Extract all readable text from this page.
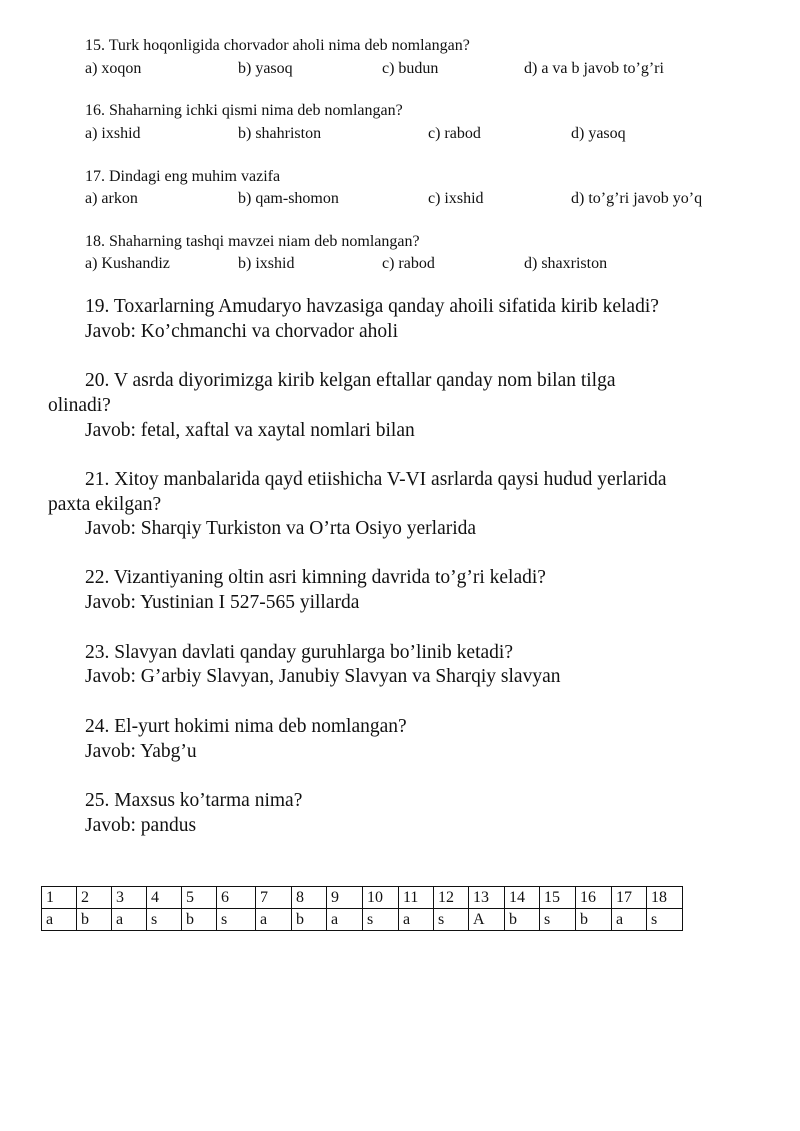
15. Turk hoqonligida chorvador aholi nima deb nomlangan?
a) xoqon	b) yasoq	c) budun	d) a va b javob to’g’ri
16. Shaharning ichki qismi nima deb nomlangan?
a) ixshid	b) shahriston	c) rabod	d) yasoq
17. Dindagi eng muhim vazifa
a) arkon	b) qam-shomon	c) ixshid	d) to’g’ri javob yo’q
18. Shaharning tashqi mavzei niam deb nomlangan?
a) Kushandiz	b) ixshid	c) rabod	d) shaxriston
19. Toxarlarning Amudaryo havzasiga qanday ahoili sifatida kirib keladi?
Javob: Ko’chmanchi va chorvador aholi
20. V asrda diyorimizga kirib kelgan eftallar qanday nom bilan tilga
olinadi?
Javob: fetal, xaftal va xaytal nomlari bilan
21. Xitoy manbalarida qayd etiishicha V-VI asrlarda qaysi hudud yerlarida
paxta ekilgan?
Javob: Sharqiy Turkiston va O’rta Osiyo yerlarida
22. Vizantiyaning oltin asri kimning davrida to’g’ri keladi?
Javob: Yustinian I 527-565 yillarda
23. Slavyan davlati qanday guruhlarga bo’linib ketadi?
Javob: G’arbiy Slavyan, Janubiy Slavyan va Sharqiy slavyan
24. El-yurt hokimi nima deb nomlangan?
Javob: Yabg’u
25. Maxsus ko’tarma nima?
Javob: pandus
1	2	3	4	5	6	7	8	9	10	11	12	13	14	15	16	17	18
a	b	a	s	b	s	a	b	a	s	a	s	A	b	s	b	a	s
